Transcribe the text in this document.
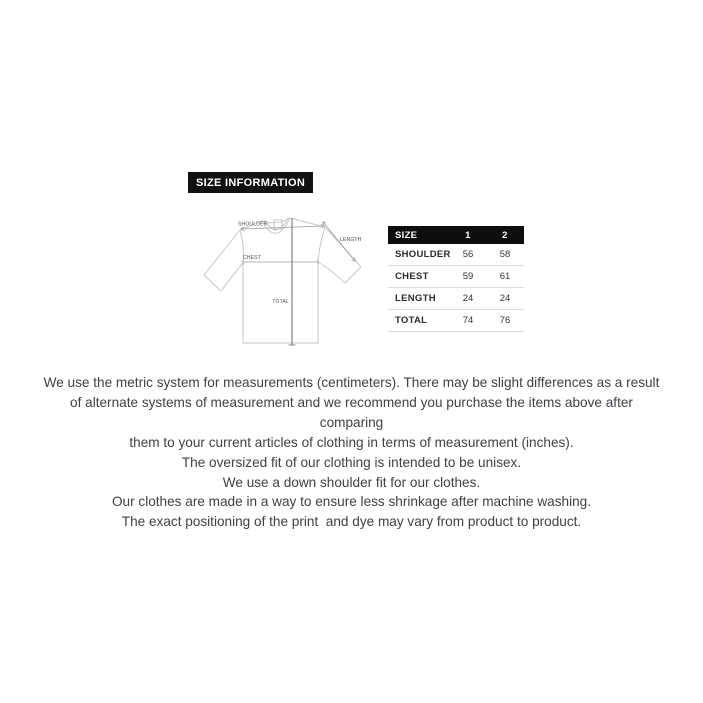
SIZE INFORMATION
SHOULDER
CHEST
LENGTH
TOTAL
SIZE	1	2
SHOULDER	56	58
CHEST	59	61
LENGTH	24	24
TOTAL	74	76
We use the metric system for measurements (centimeters). There may be slight differences as a result
of alternate systems of measurement and we recommend you purchase the items above after
comparing
them to your current articles of clothing in terms of measurement (inches).
The oversized fit of our clothing is intended to be unisex.
We use a down shoulder fit for our clothes.
Our clothes are made in a way to ensure less shrinkage after machine washing.
The exact positioning of the print  and dye may vary from product to product.
